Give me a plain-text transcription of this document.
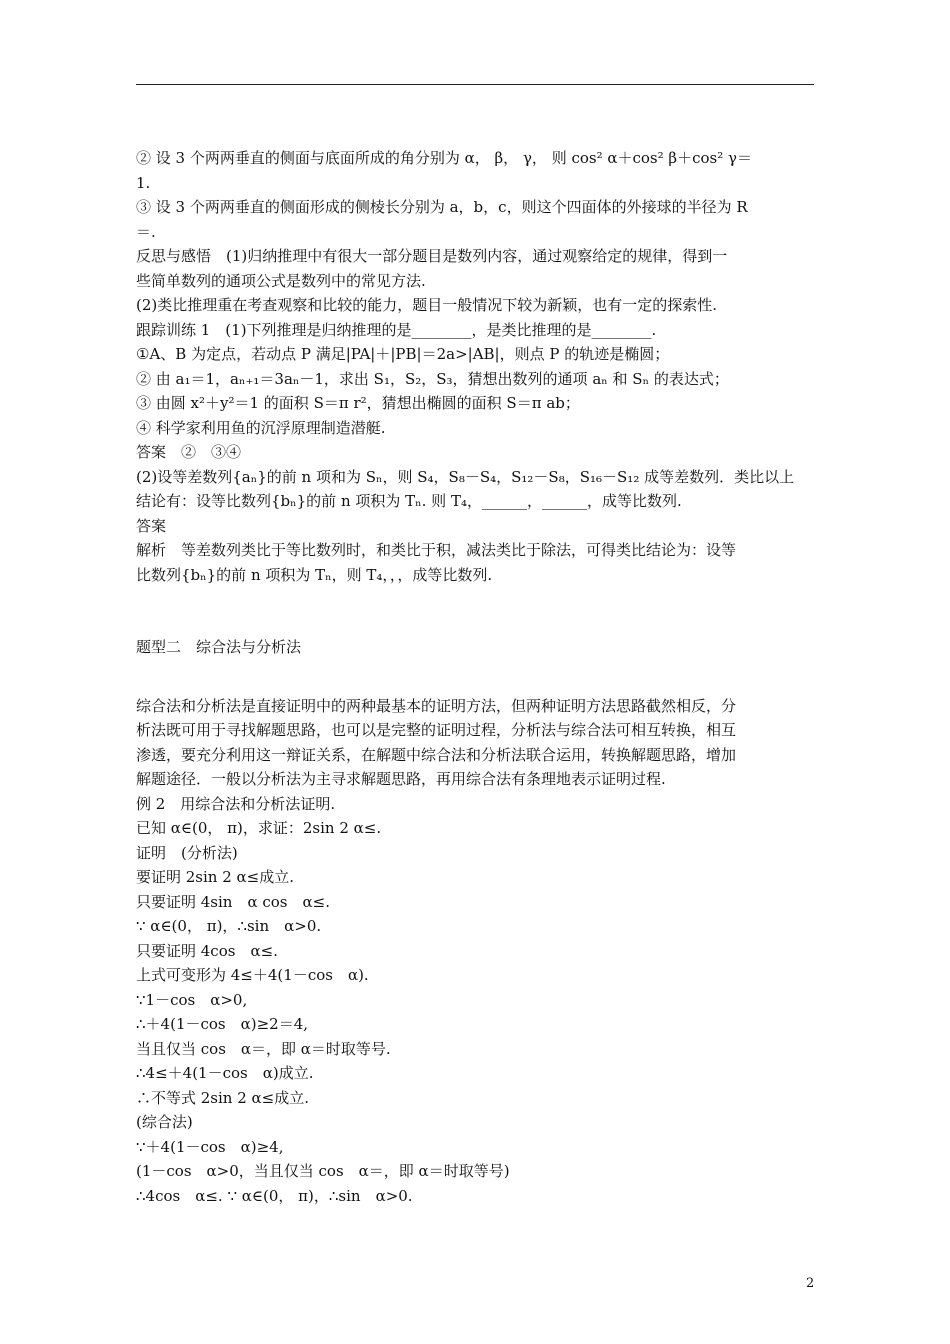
② 设 3 个两两垂直的侧面与底面所成的角分别为 α， β， γ， 则 cos² α＋cos² β＋cos² γ＝
1.
③ 设 3 个两两垂直的侧面形成的侧棱长分别为 a，b，c，则这个四面体的外接球的半径为 R
＝.
反思与感悟　(1)归纳推理中有很大一部分题目是数列内容，通过观察给定的规律，得到一
些简单数列的通项公式是数列中的常见方法.
(2)类比推理重在考查观察和比较的能力，题目一般情况下较为新颖，也有一定的探索性.
跟踪训练 1　(1)下列推理是归纳推理的是________，是类比推理的是________.
①A、B 为定点，若动点 P 满足|PA|＋|PB|＝2a>|AB|，则点 P 的轨迹是椭圆；
② 由 a₁＝1，aₙ₊₁＝3aₙ－1，求出 S₁，S₂，S₃，猜想出数列的通项 aₙ 和 Sₙ 的表达式；
③ 由圆 x²＋y²＝1 的面积 S＝π r²，猜想出椭圆的面积 S＝π ab；
④ 科学家利用鱼的沉浮原理制造潜艇.
答案　②　③④
(2)设等差数列{aₙ}的前 n 项和为 Sₙ，则 S₄，S₈－S₄，S₁₂－S₈，S₁₆－S₁₂ 成等差数列．类比以上
结论有：设等比数列{bₙ}的前 n 项积为 Tₙ. 则 T₄，______，______，成等比数列.
答案
解析　等差数列类比于等比数列时，和类比于积，减法类比于除法，可得类比结论为：设等
比数列{bₙ}的前 n 项积为 Tₙ，则 T₄，，，成等比数列.
题型二　综合法与分析法
综合法和分析法是直接证明中的两种最基本的证明方法，但两种证明方法思路截然相反，分
析法既可用于寻找解题思路，也可以是完整的证明过程，分析法与综合法可相互转换，相互
渗透，要充分利用这一辩证关系，在解题中综合法和分析法联合运用，转换解题思路，增加
解题途径．一般以分析法为主寻求解题思路，再用综合法有条理地表示证明过程.
例 2　用综合法和分析法证明.
已知 α∈(0， π)，求证：2sin 2 α≤.
证明　(分析法)
要证明 2sin 2 α≤成立.
只要证明 4sin　α cos　α≤.
∵ α∈(0， π)，∴sin　α>0.
只要证明 4cos　α≤.
上式可变形为 4≤＋4(1－cos　α).
∵1－cos　α>0,
∴＋4(1－cos　α)≥2＝4,
当且仅当 cos　α＝，即 α＝时取等号.
∴4≤＋4(1－cos　α)成立.
∴不等式 2sin 2 α≤成立.
(综合法)
∵＋4(1－cos　α)≥4,
(1－cos　α>0，当且仅当 cos　α＝，即 α＝时取等号)
∴4cos　α≤. ∵ α∈(0， π)，∴sin　α>0.
2
